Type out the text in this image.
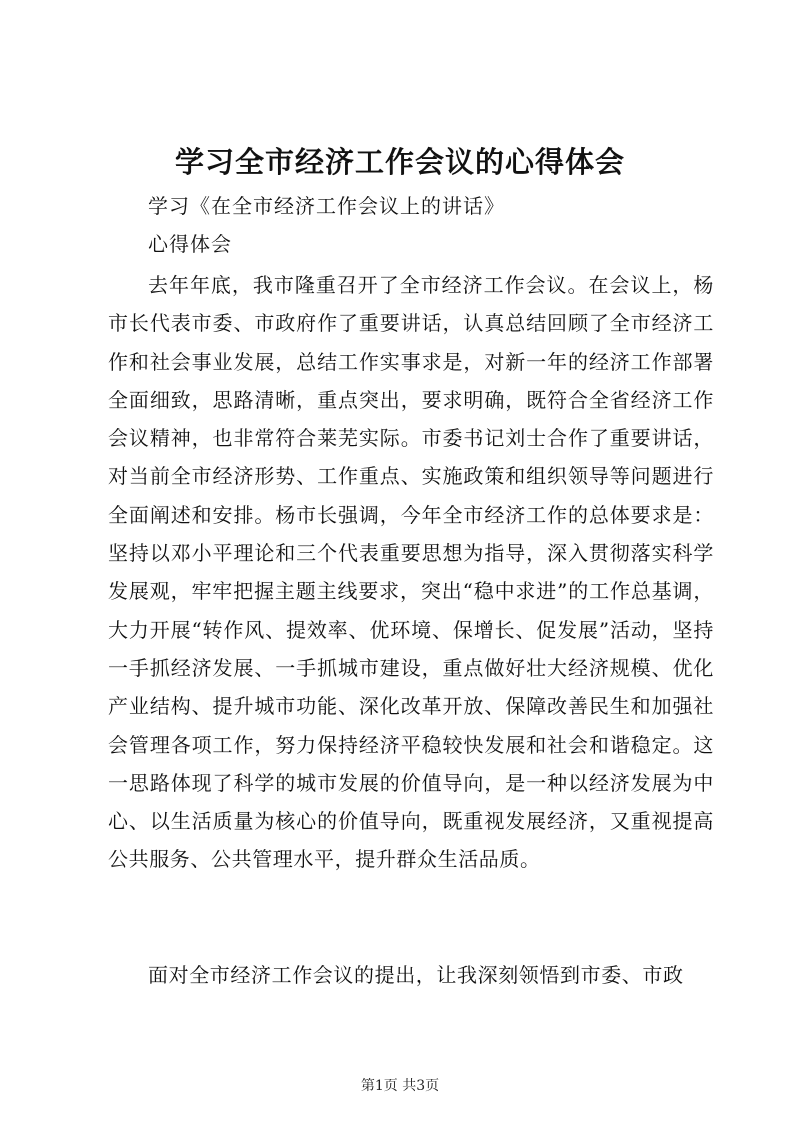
学习全市经济工作会议的心得体会
学习《在全市经济工作会议上的讲话》
心得体会

去年年底，我市隆重召开了全市经济工作会议。在会议上，杨市长代表市委、市政府作了重要讲话，认真总结回顾了全市经济工作和社会事业发展，总结工作实事求是，对新一年的经济工作部署全面细致，思路清晰，重点突出，要求明确，既符合全省经济工作会议精神，也非常符合莱芜实际。市委书记刘士合作了重要讲话，对当前全市经济形势、工作重点、实施政策和组织领导等问题进行全面阐述和安排。杨市长强调，今年全市经济工作的总体要求是：坚持以邓小平理论和三个代表重要思想为指导，深入贯彻落实科学发展观，牢牢把握主题主线要求，突出“稳中求进”的工作总基调，大力开展“转作风、提效率、优环境、保增长、促发展”活动，坚持一手抓经济发展、一手抓城市建设，重点做好壮大经济规模、优化产业结构、提升城市功能、深化改革开放、保障改善民生和加强社会管理各项工作，努力保持经济平稳较快发展和社会和谐稳定。这一思路体现了科学的城市发展的价值导向，是一种以经济发展为中心、以生活质量为核心的价值导向，既重视发展经济，又重视提高公共服务、公共管理水平，提升群众生活品质。

面对全市经济工作会议的提出，让我深刻领悟到市委、市政

第1页 共3页
